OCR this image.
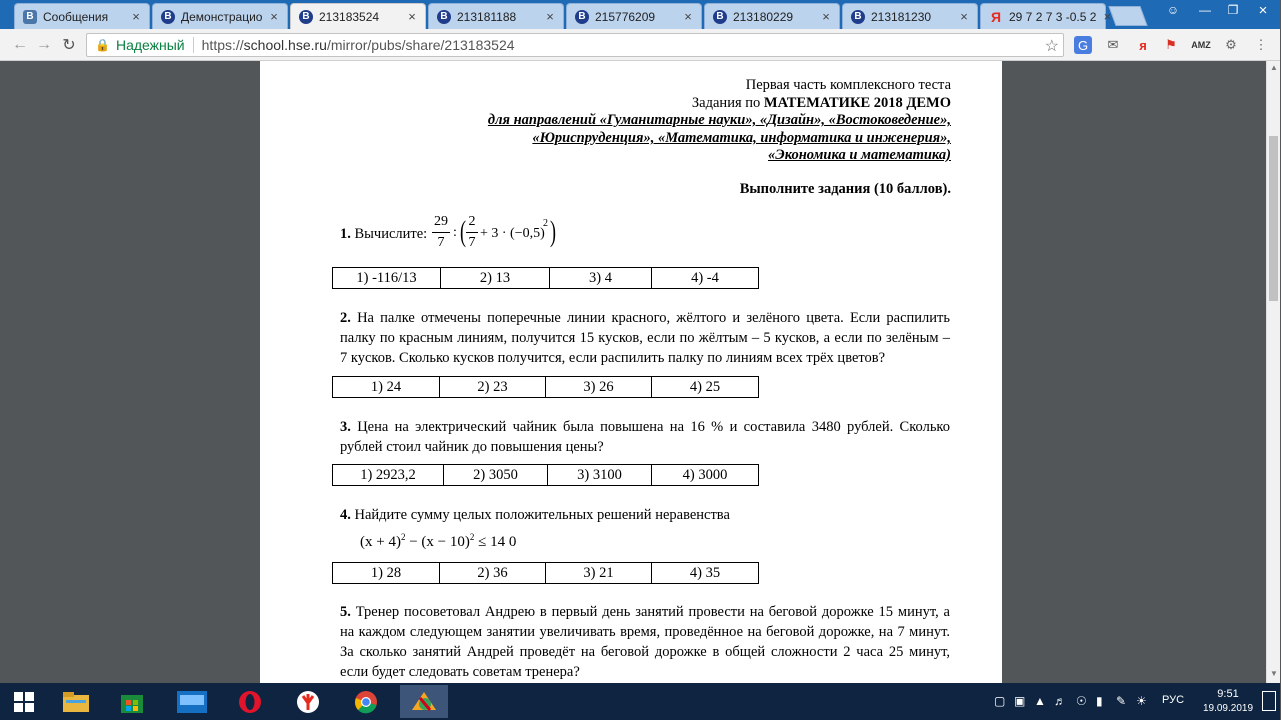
B Сообщения	×	B Демонстрацио ×	B 213183524	×	B 213181188	×	B 215776209	×	B 213180229	×	B 213181230	× Я 29 7 2 7 3 -0.5 2 ×	☺	—	❐	×
← → ↻ 🔒 Надежный https://school.hse.ru/mirror/pubs/share/213183524	☆	G	✉	я	⚑	AMZ ⚙ ⋮
Первая часть комплексного теста
Задания по МАТЕМАТИКЕ 2018 ДЕМО
для направлений «Гуманитарные науки», «Дизайн», «Востоковедение»,
«Юриспруденция», «Математика, информатика и инженерия»,
«Экономика и математика)
Выполните задания (10 баллов).
1. Вычислите:
29
7
: ( 2
7
+ 3 · (−0,5)
2 )
1) -116/13	2) 13	3) 4	4) -4
2. На палке отмечены поперечные линии красного, жёлтого и зелёного цвета. Если распилить палку по красным линиям, получится 15 кусков, если по жёлтым – 5 кусков, а если по зелёным – 7 кусков. Сколько кусков получится, если распилить палку по линиям всех трёх цветов?
1) 24	2) 23	3) 26	4) 25
3. Цена на электрический чайник была повышена на 16 % и составила 3480 рублей. Сколько рублей стоил чайник до повышения цены?
1) 2923,2	2) 3050	3) 3100	4) 3000
4. Найдите сумму целых положительных решений неравенства
$(x + 4)^2 - (x - 10)^2 \le 14$ 0
1) 28	2) 36	3) 21	4) 35
5. Тренер посоветовал Андрею в первый день занятий провести на беговой дорожке 15 минут, а на каждом следующем занятии увеличивать время, проведённое на беговой дорожке, на 7 минут. За сколько занятий Андрей проведёт на беговой дорожке в общей сложности 2 часа 25 минут, если будет следовать советам тренера?
▲
▼
▢ ▣ ▲ ♬ ☉ ▮ ✎ ☀ РУС	9:51
19.09.2019
